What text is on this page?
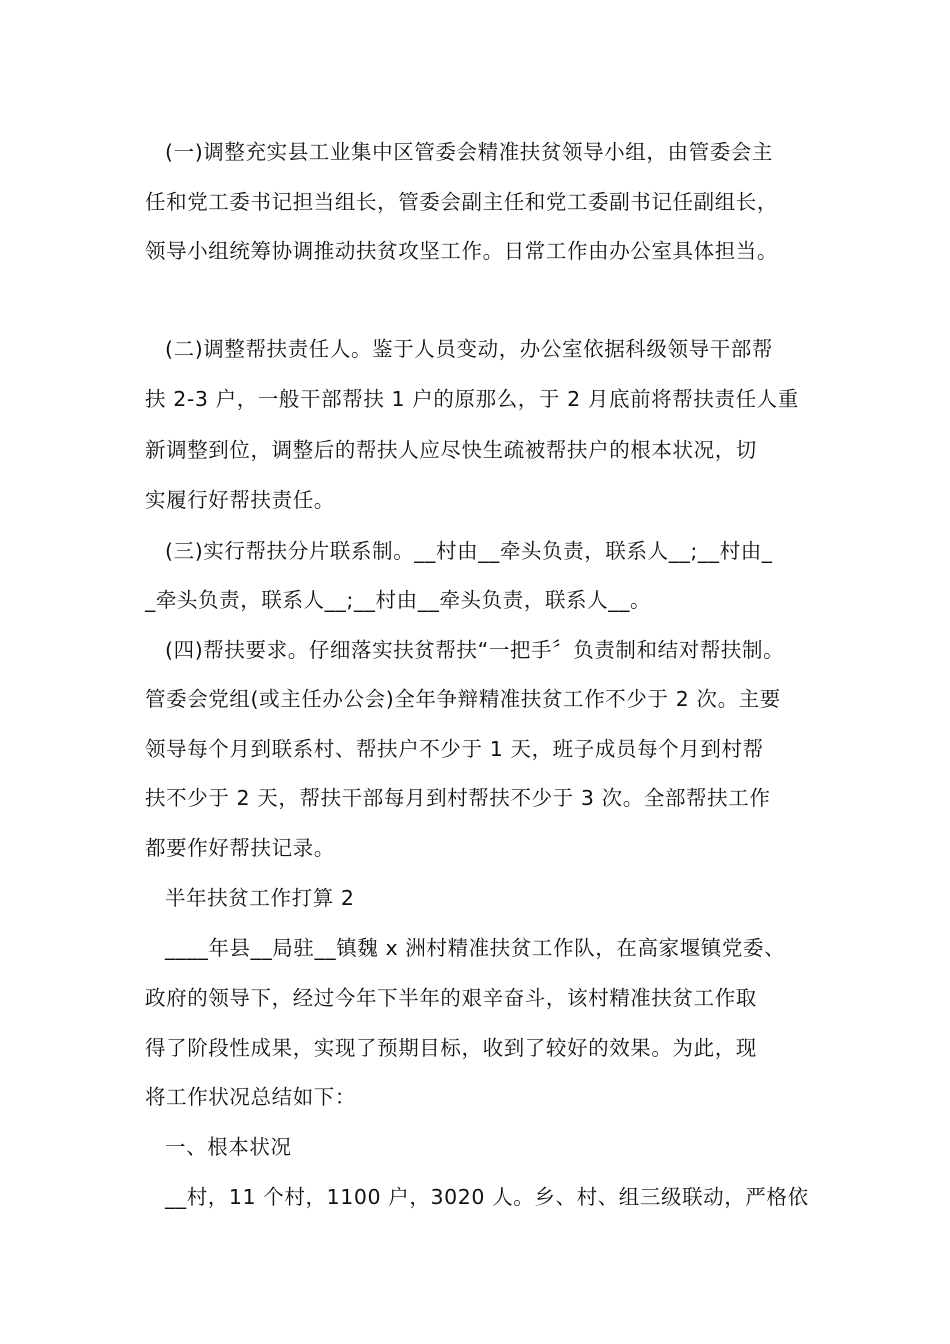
(一)调整充实县工业集中区管委会精准扶贫领导小组，由管委会主
任和党工委书记担当组长，管委会副主任和党工委副书记任副组长，
领导小组统筹协调推动扶贫攻坚工作。日常工作由办公室具体担当。
(二)调整帮扶责任人。鉴于人员变动，办公室依据科级领导干部帮
扶 2-3 户，一般干部帮扶 1 户的原那么，于 2 月底前将帮扶责任人重
新调整到位，调整后的帮扶人应尽快生疏被帮扶户的根本状况，切
实履行好帮扶责任。
(三)实行帮扶分片联系制。__村由__牵头负责，联系人__;__村由_
_牵头负责，联系人__;__村由__牵头负责，联系人__。
(四)帮扶要求。仔细落实扶贫帮扶“一把手〞负责制和结对帮扶制。
管委会党组(或主任办公会)全年争辩精准扶贫工作不少于 2 次。主要
领导每个月到联系村、帮扶户不少于 1 天，班子成员每个月到村帮
扶不少于 2 天，帮扶干部每月到村帮扶不少于 3 次。全部帮扶工作
都要作好帮扶记录。
半年扶贫工作打算 2
____年县__局驻__镇魏 x 洲村精准扶贫工作队，在高家堰镇党委、
政府的领导下，经过今年下半年的艰辛奋斗，该村精准扶贫工作取
得了阶段性成果，实现了预期目标，收到了较好的效果。为此，现
将工作状况总结如下：
一、根本状况
__村，11 个村，1100 户，3020 人。乡、村、组三级联动，严格依
